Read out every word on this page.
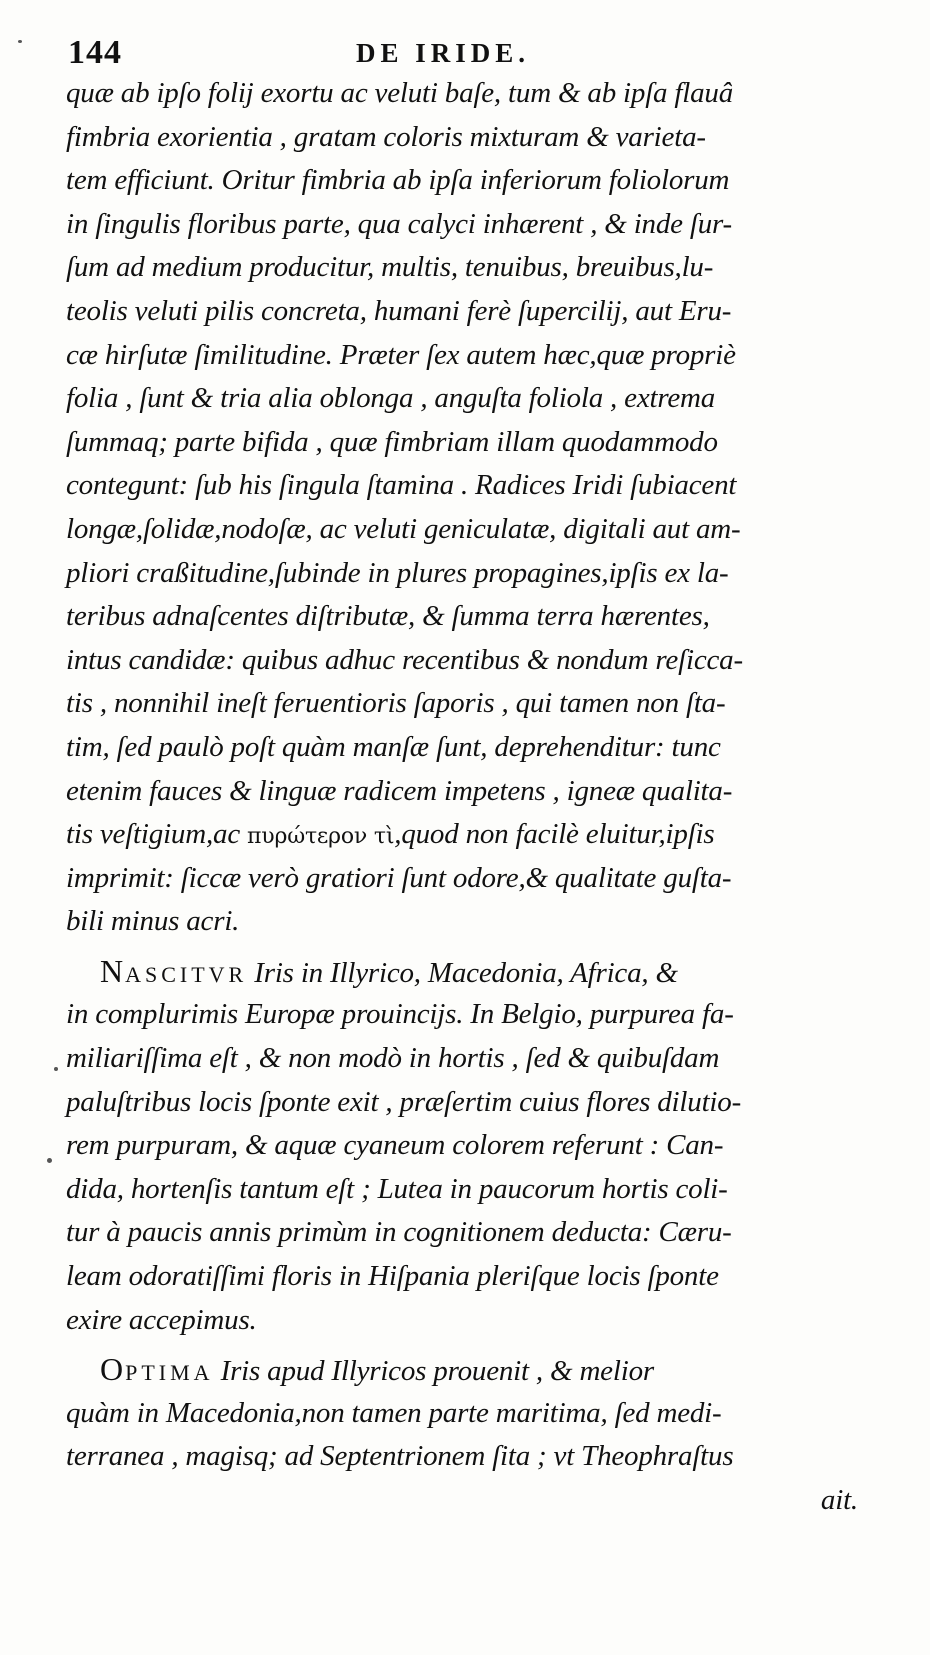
144	DE IRIDE.
quæ ab ipſo folij exortu ac veluti baſe, tum & ab ipſa flauâ
fimbria exorientia , gratam coloris mixturam & varieta-
tem efficiunt. Oritur fimbria ab ipſa inferiorum foliolorum
in ſingulis floribus parte, qua calyci inhærent , & inde ſur-
ſum ad medium producitur, multis, tenuibus, breuibus,lu-
teolis veluti pilis concreta, humani ferè ſupercilij, aut Eru-
cæ hirſutæ ſimilitudine. Præter ſex autem hæc,quæ propriè
folia , ſunt & tria alia oblonga , anguſta foliola , extrema
ſummaq; parte bifida , quæ fimbriam illam quodammodo
contegunt: ſub his ſingula ſtamina . Radices Iridi ſubiacent
longæ,ſolidæ,nodoſæ, ac veluti geniculatæ, digitali aut am-
pliori craßitudine,ſubinde in plures propagines,ipſis ex la-
teribus adnaſcentes diſtributæ, & ſumma terra hærentes,
intus candidæ: quibus adhuc recentibus & nondum reſicca-
tis , nonnihil ineſt feruentioris ſaporis , qui tamen non ſta-
tim, ſed paulò poſt quàm manſæ ſunt, deprehenditur: tunc
etenim fauces & linguæ radicem impetens , igneæ qualita-
tis veſtigium,ac πυρώτερον τὶ,quod non facilè eluitur,ipſis
imprimit: ſiccæ verò gratiori ſunt odore,& qualitate guſta-
bili minus acri.
NASCITVR Iris in Illyrico, Macedonia, Africa, &
in complurimis Europæ prouincijs. In Belgio, purpurea fa-
miliariſſima eſt , & non modò in hortis , ſed & quibuſdam
paluſtribus locis ſponte exit , præſertim cuius flores dilutio-
rem purpuram, & aquæ cyaneum colorem referunt : Can-
dida, hortenſis tantum eſt ; Lutea in paucorum hortis coli-
tur à paucis annis primùm in cognitionem deducta: Cæru-
leam odoratiſſimi floris in Hiſpania pleriſque locis ſponte
exire accepimus.
OPTIMA Iris apud Illyricos prouenit , & melior
quàm in Macedonia,non tamen parte maritima, ſed medi-
terranea , magisq; ad Septentrionem ſita ; vt Theophraſtus
ait.
